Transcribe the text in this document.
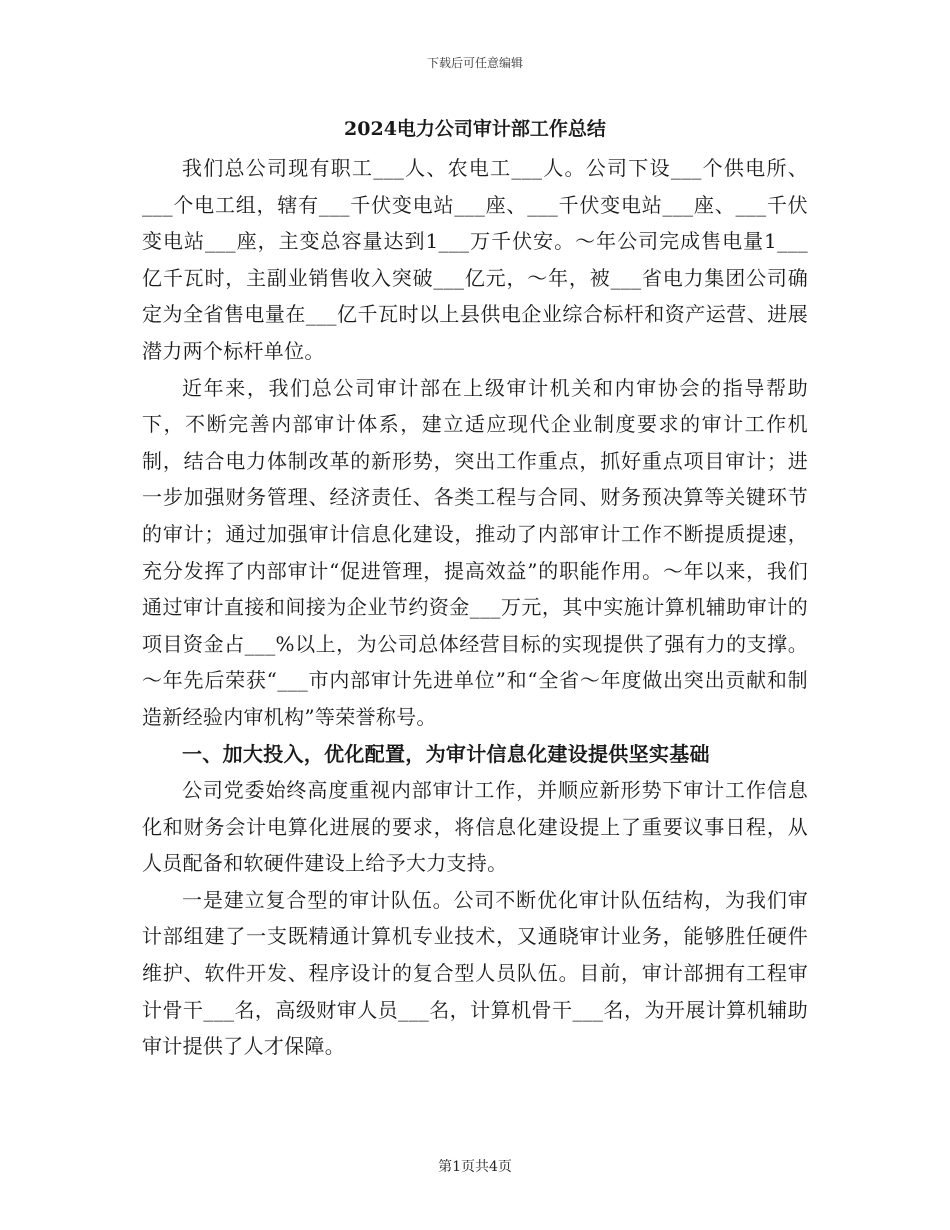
下载后可任意编辑
2024电力公司审计部工作总结

我们总公司现有职工___人、农电工___人。公司下设___个供电所、___个电工组，辖有___千伏变电站___座、___千伏变电站___座、___千伏变电站___座，主变总容量达到1___万千伏安。～年公司完成售电量1___亿千瓦时，主副业销售收入突破___亿元，～年，被___省电力集团公司确定为全省售电量在___亿千瓦时以上县供电企业综合标杆和资产运营、进展潜力两个标杆单位。

近年来，我们总公司审计部在上级审计机关和内审协会的指导帮助下，不断完善内部审计体系，建立适应现代企业制度要求的审计工作机制，结合电力体制改革的新形势，突出工作重点，抓好重点项目审计；进一步加强财务管理、经济责任、各类工程与合同、财务预决算等关键环节的审计；通过加强审计信息化建设，推动了内部审计工作不断提质提速，充分发挥了内部审计“促进管理，提高效益”的职能作用。～年以来，我们通过审计直接和间接为企业节约资金___万元，其中实施计算机辅助审计的项目资金占___%以上，为公司总体经营目标的实现提供了强有力的支撑。～年先后荣获“___市内部审计先进单位”和“全省～年度做出突出贡献和制造新经验内审机构”等荣誉称号。

一、加大投入，优化配置，为审计信息化建设提供坚实基础

公司党委始终高度重视内部审计工作，并顺应新形势下审计工作信息化和财务会计电算化进展的要求，将信息化建设提上了重要议事日程，从人员配备和软硬件建设上给予大力支持。

一是建立复合型的审计队伍。公司不断优化审计队伍结构，为我们审计部组建了一支既精通计算机专业技术，又通晓审计业务，能够胜任硬件维护、软件开发、程序设计的复合型人员队伍。目前，审计部拥有工程审计骨干___名，高级财审人员___名，计算机骨干___名，为开展计算机辅助审计提供了人才保障。

第1页共4页
